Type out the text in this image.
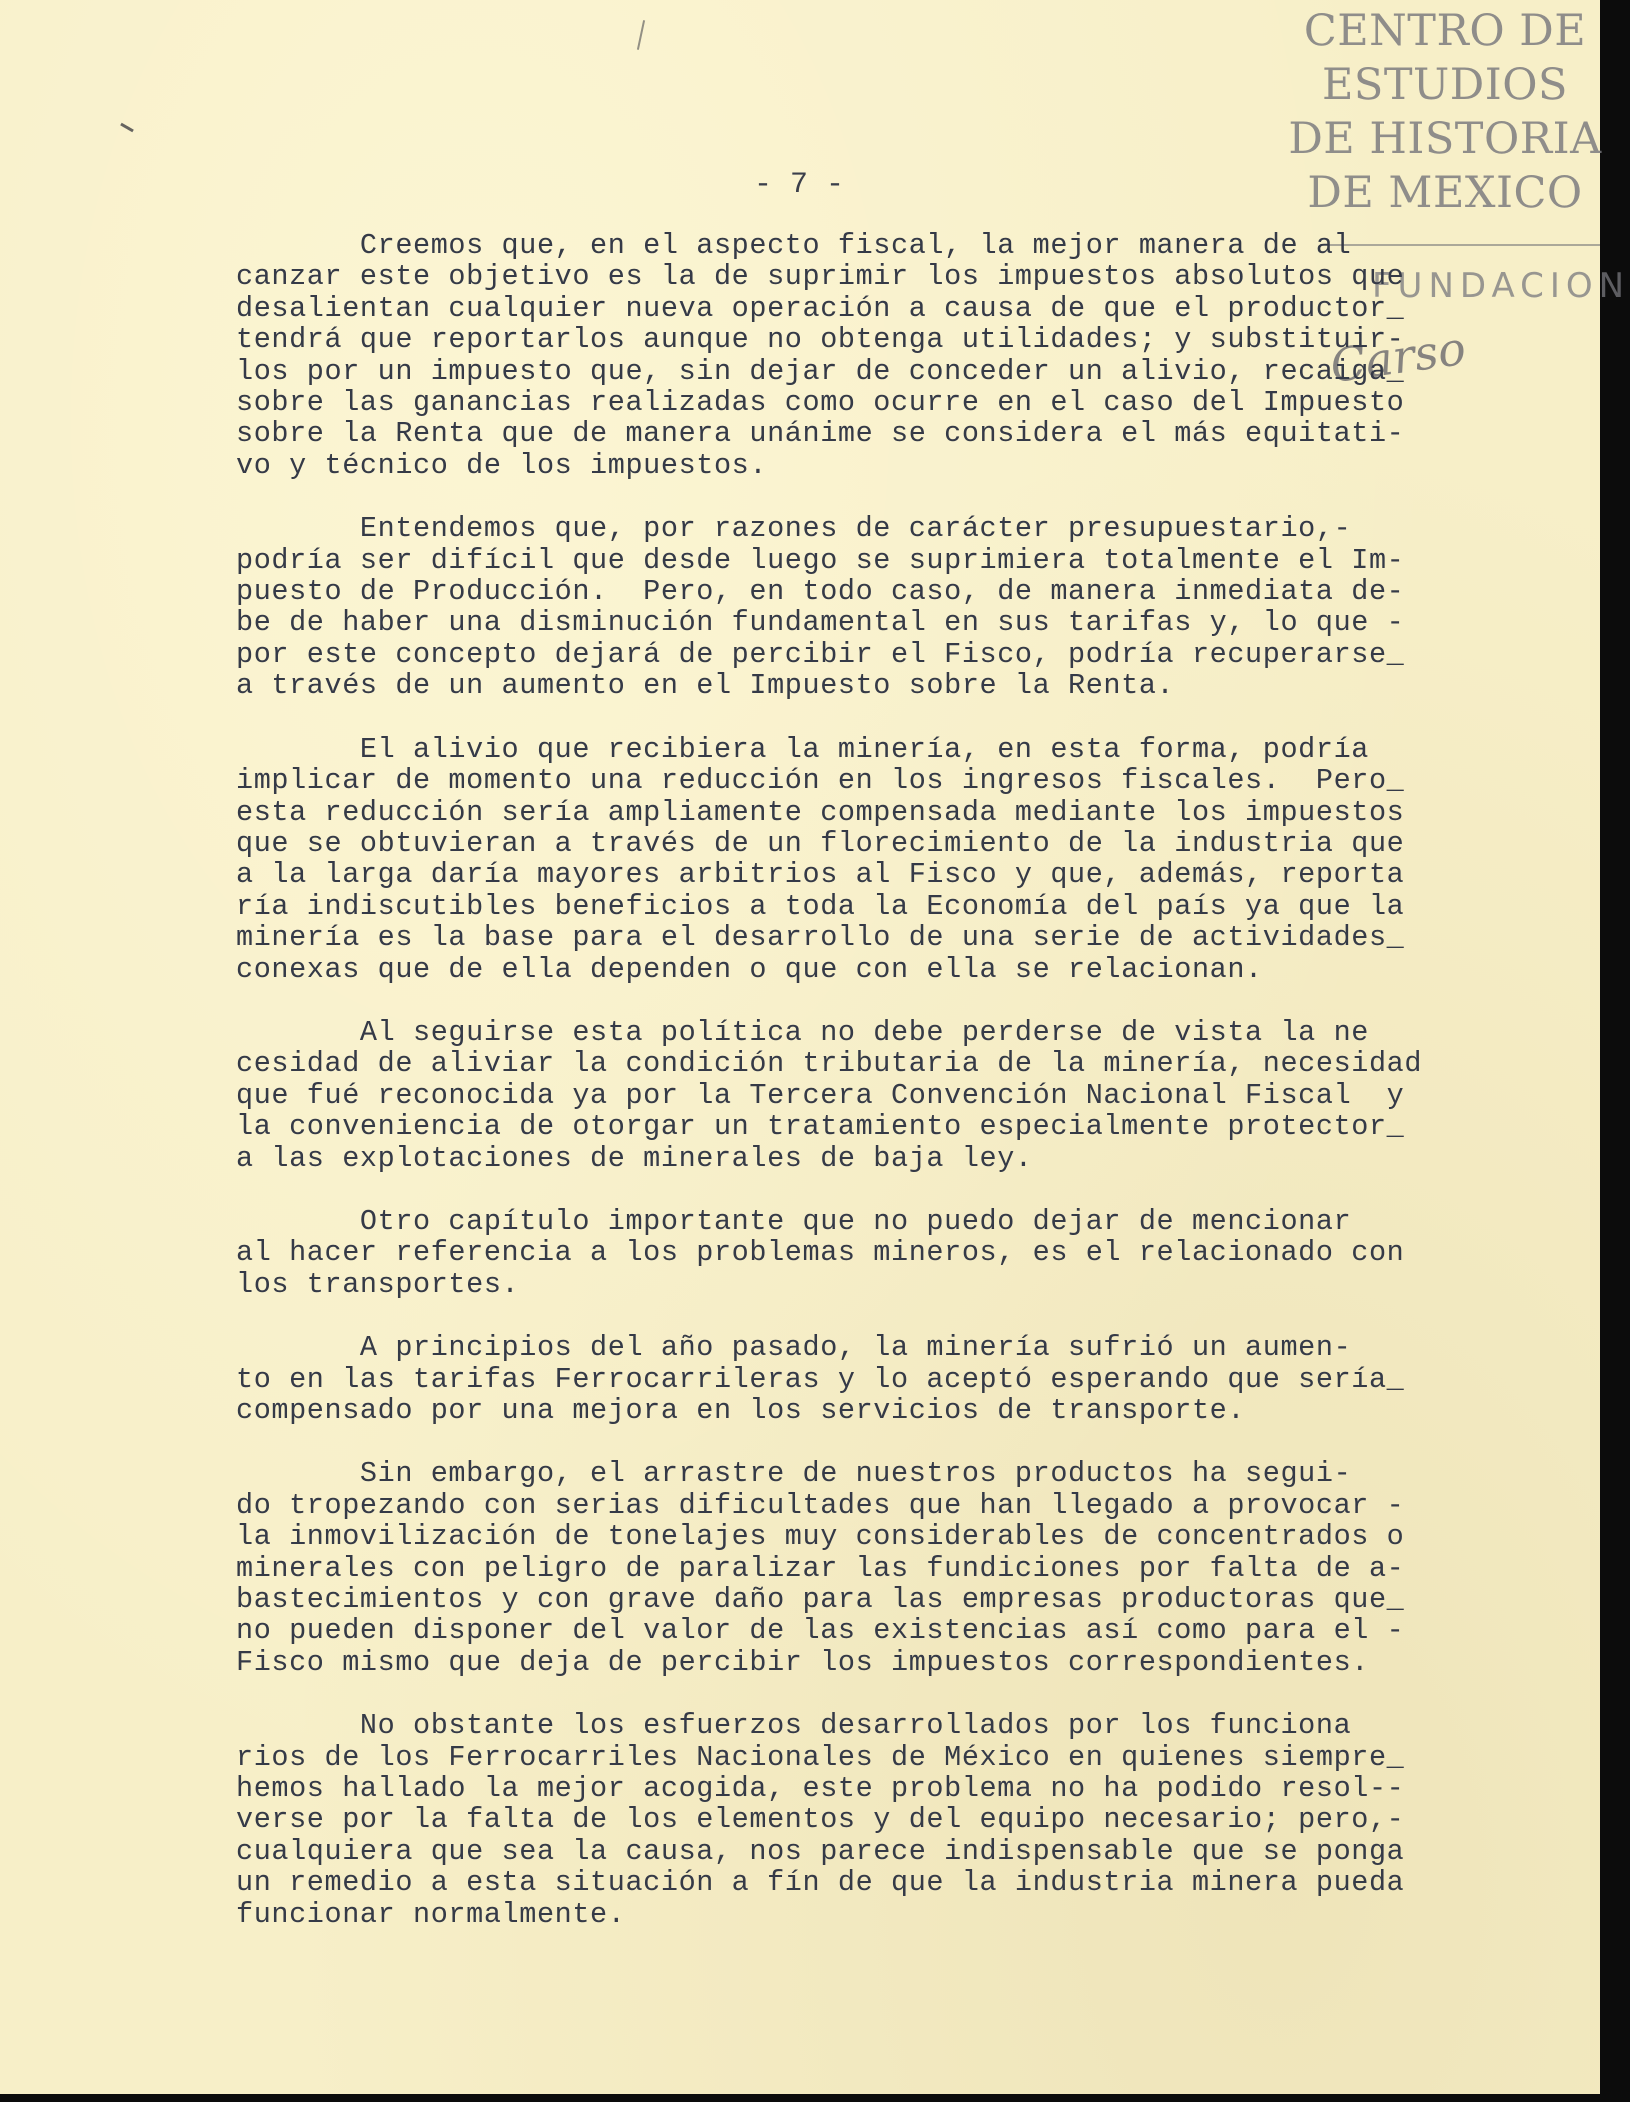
CENTRO DE
ESTUDIOS
DE HISTORIA
DE MEXICO
FUNDACION
Carso
- 7 -
Creemos que, en el aspecto fiscal, la mejor manera de al
canzar este objetivo es la de suprimir los impuestos absolutos que
desalientan cualquier nueva operación a causa de que el productor_
tendrá que reportarlos aunque no obtenga utilidades; y substituir-
los por un impuesto que, sin dejar de conceder un alivio, recaiga_
sobre las ganancias realizadas como ocurre en el caso del Impuesto
sobre la Renta que de manera unánime se considera el más equitati-
vo y técnico de los impuestos.
Entendemos que, por razones de carácter presupuestario,-
podría ser difícil que desde luego se suprimiera totalmente el Im-
puesto de Producción.  Pero, en todo caso, de manera inmediata de-
be de haber una disminución fundamental en sus tarifas y, lo que -
por este concepto dejará de percibir el Fisco, podría recuperarse_
a través de un aumento en el Impuesto sobre la Renta.
El alivio que recibiera la minería, en esta forma, podría
implicar de momento una reducción en los ingresos fiscales.  Pero_
esta reducción sería ampliamente compensada mediante los impuestos
que se obtuvieran a través de un florecimiento de la industria que
a la larga daría mayores arbitrios al Fisco y que, además, reporta
ría indiscutibles beneficios a toda la Economía del país ya que la
minería es la base para el desarrollo de una serie de actividades_
conexas que de ella dependen o que con ella se relacionan.
Al seguirse esta política no debe perderse de vista la ne
cesidad de aliviar la condición tributaria de la minería, necesidad
que fué reconocida ya por la Tercera Convención Nacional Fiscal  y
la conveniencia de otorgar un tratamiento especialmente protector_
a las explotaciones de minerales de baja ley.
Otro capítulo importante que no puedo dejar de mencionar
al hacer referencia a los problemas mineros, es el relacionado con
los transportes.
A principios del año pasado, la minería sufrió un aumen-
to en las tarifas Ferrocarrileras y lo aceptó esperando que sería_
compensado por una mejora en los servicios de transporte.
Sin embargo, el arrastre de nuestros productos ha segui-
do tropezando con serias dificultades que han llegado a provocar -
la inmovilización de tonelajes muy considerables de concentrados o
minerales con peligro de paralizar las fundiciones por falta de a-
bastecimientos y con grave daño para las empresas productoras que_
no pueden disponer del valor de las existencias así como para el -
Fisco mismo que deja de percibir los impuestos correspondientes.
No obstante los esfuerzos desarrollados por los funciona
rios de los Ferrocarriles Nacionales de México en quienes siempre_
hemos hallado la mejor acogida, este problema no ha podido resol--
verse por la falta de los elementos y del equipo necesario; pero,-
cualquiera que sea la causa, nos parece indispensable que se ponga
un remedio a esta situación a fín de que la industria minera pueda
funcionar normalmente.
